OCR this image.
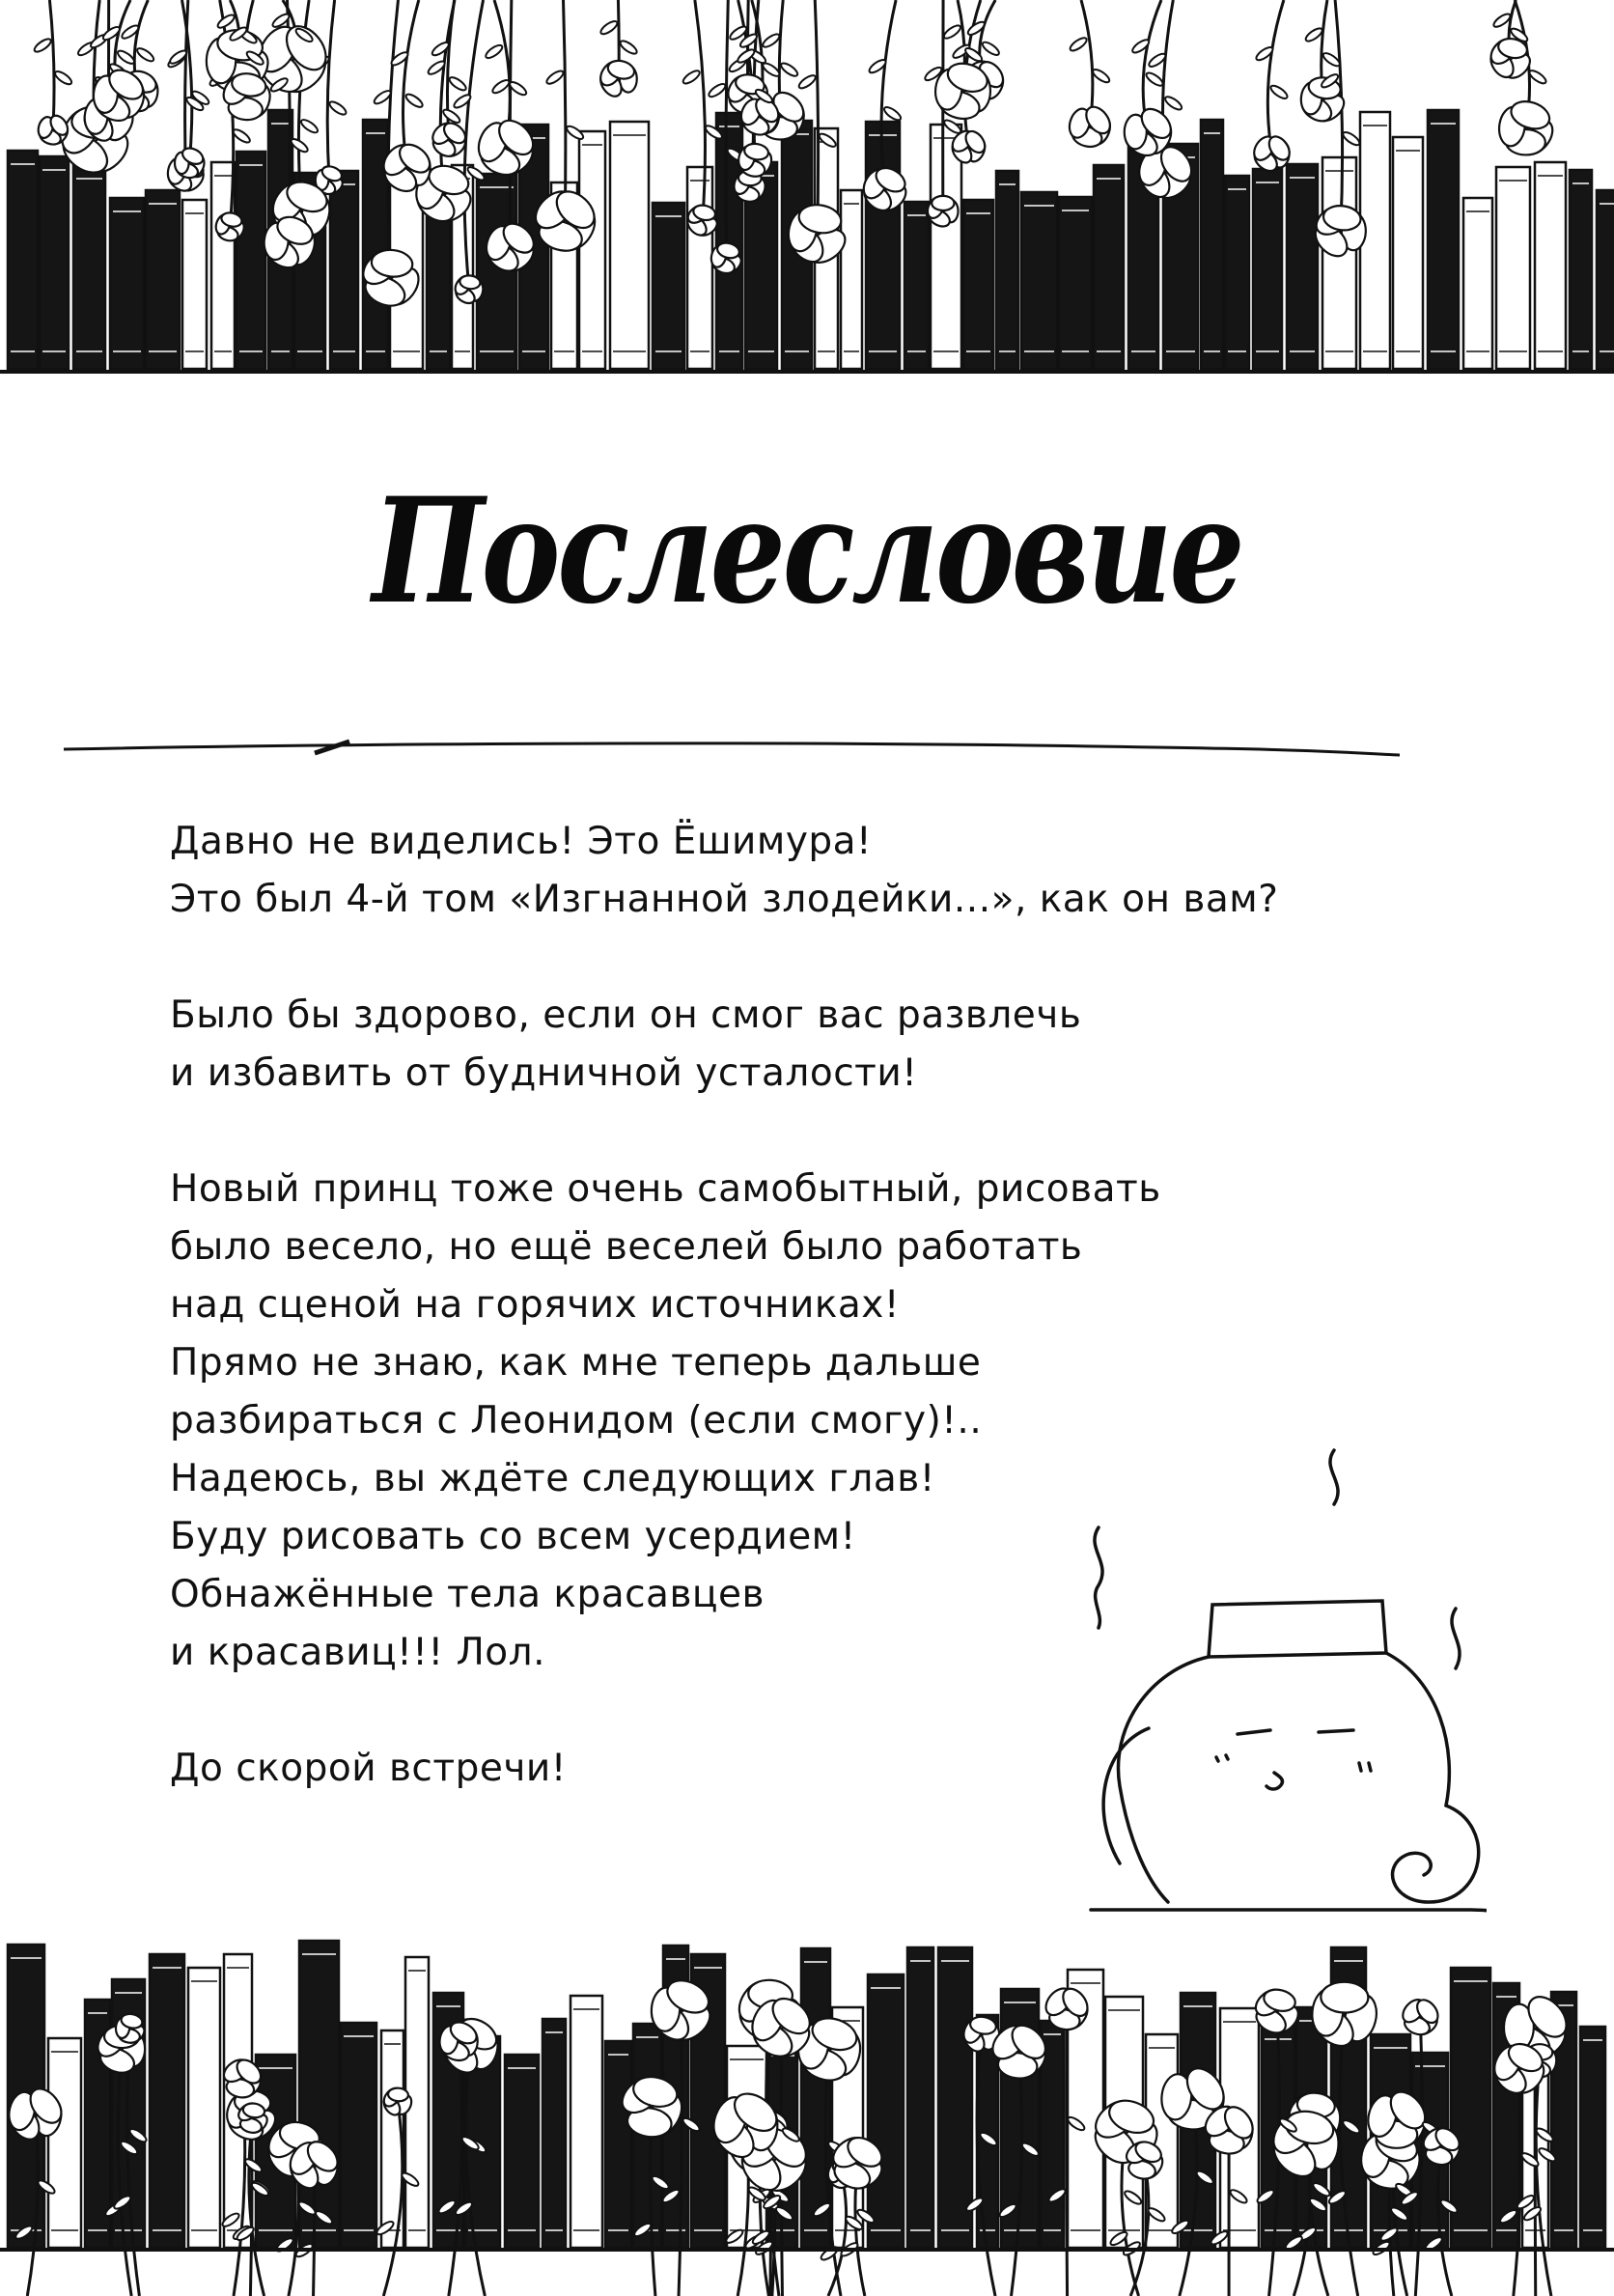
Послесловие

Давно не виделись! Это Ёшимура!
Это был 4-й том «Изгнанной злодейки...», как он вам?

Было бы здорово, если он смог вас развлечь
и избавить от будничной усталости!

Новый принц тоже очень самобытный, рисовать
было весело, но ещё веселей было работать
над сценой на горячих источниках!
Прямо не знаю, как мне теперь дальше
разбираться с Леонидом (если смогу)!..
Надеюсь, вы ждёте следующих глав!
Буду рисовать со всем усердием!
Обнажённые тела красавцев
и красавиц!!! Лол.

До скорой встречи!
